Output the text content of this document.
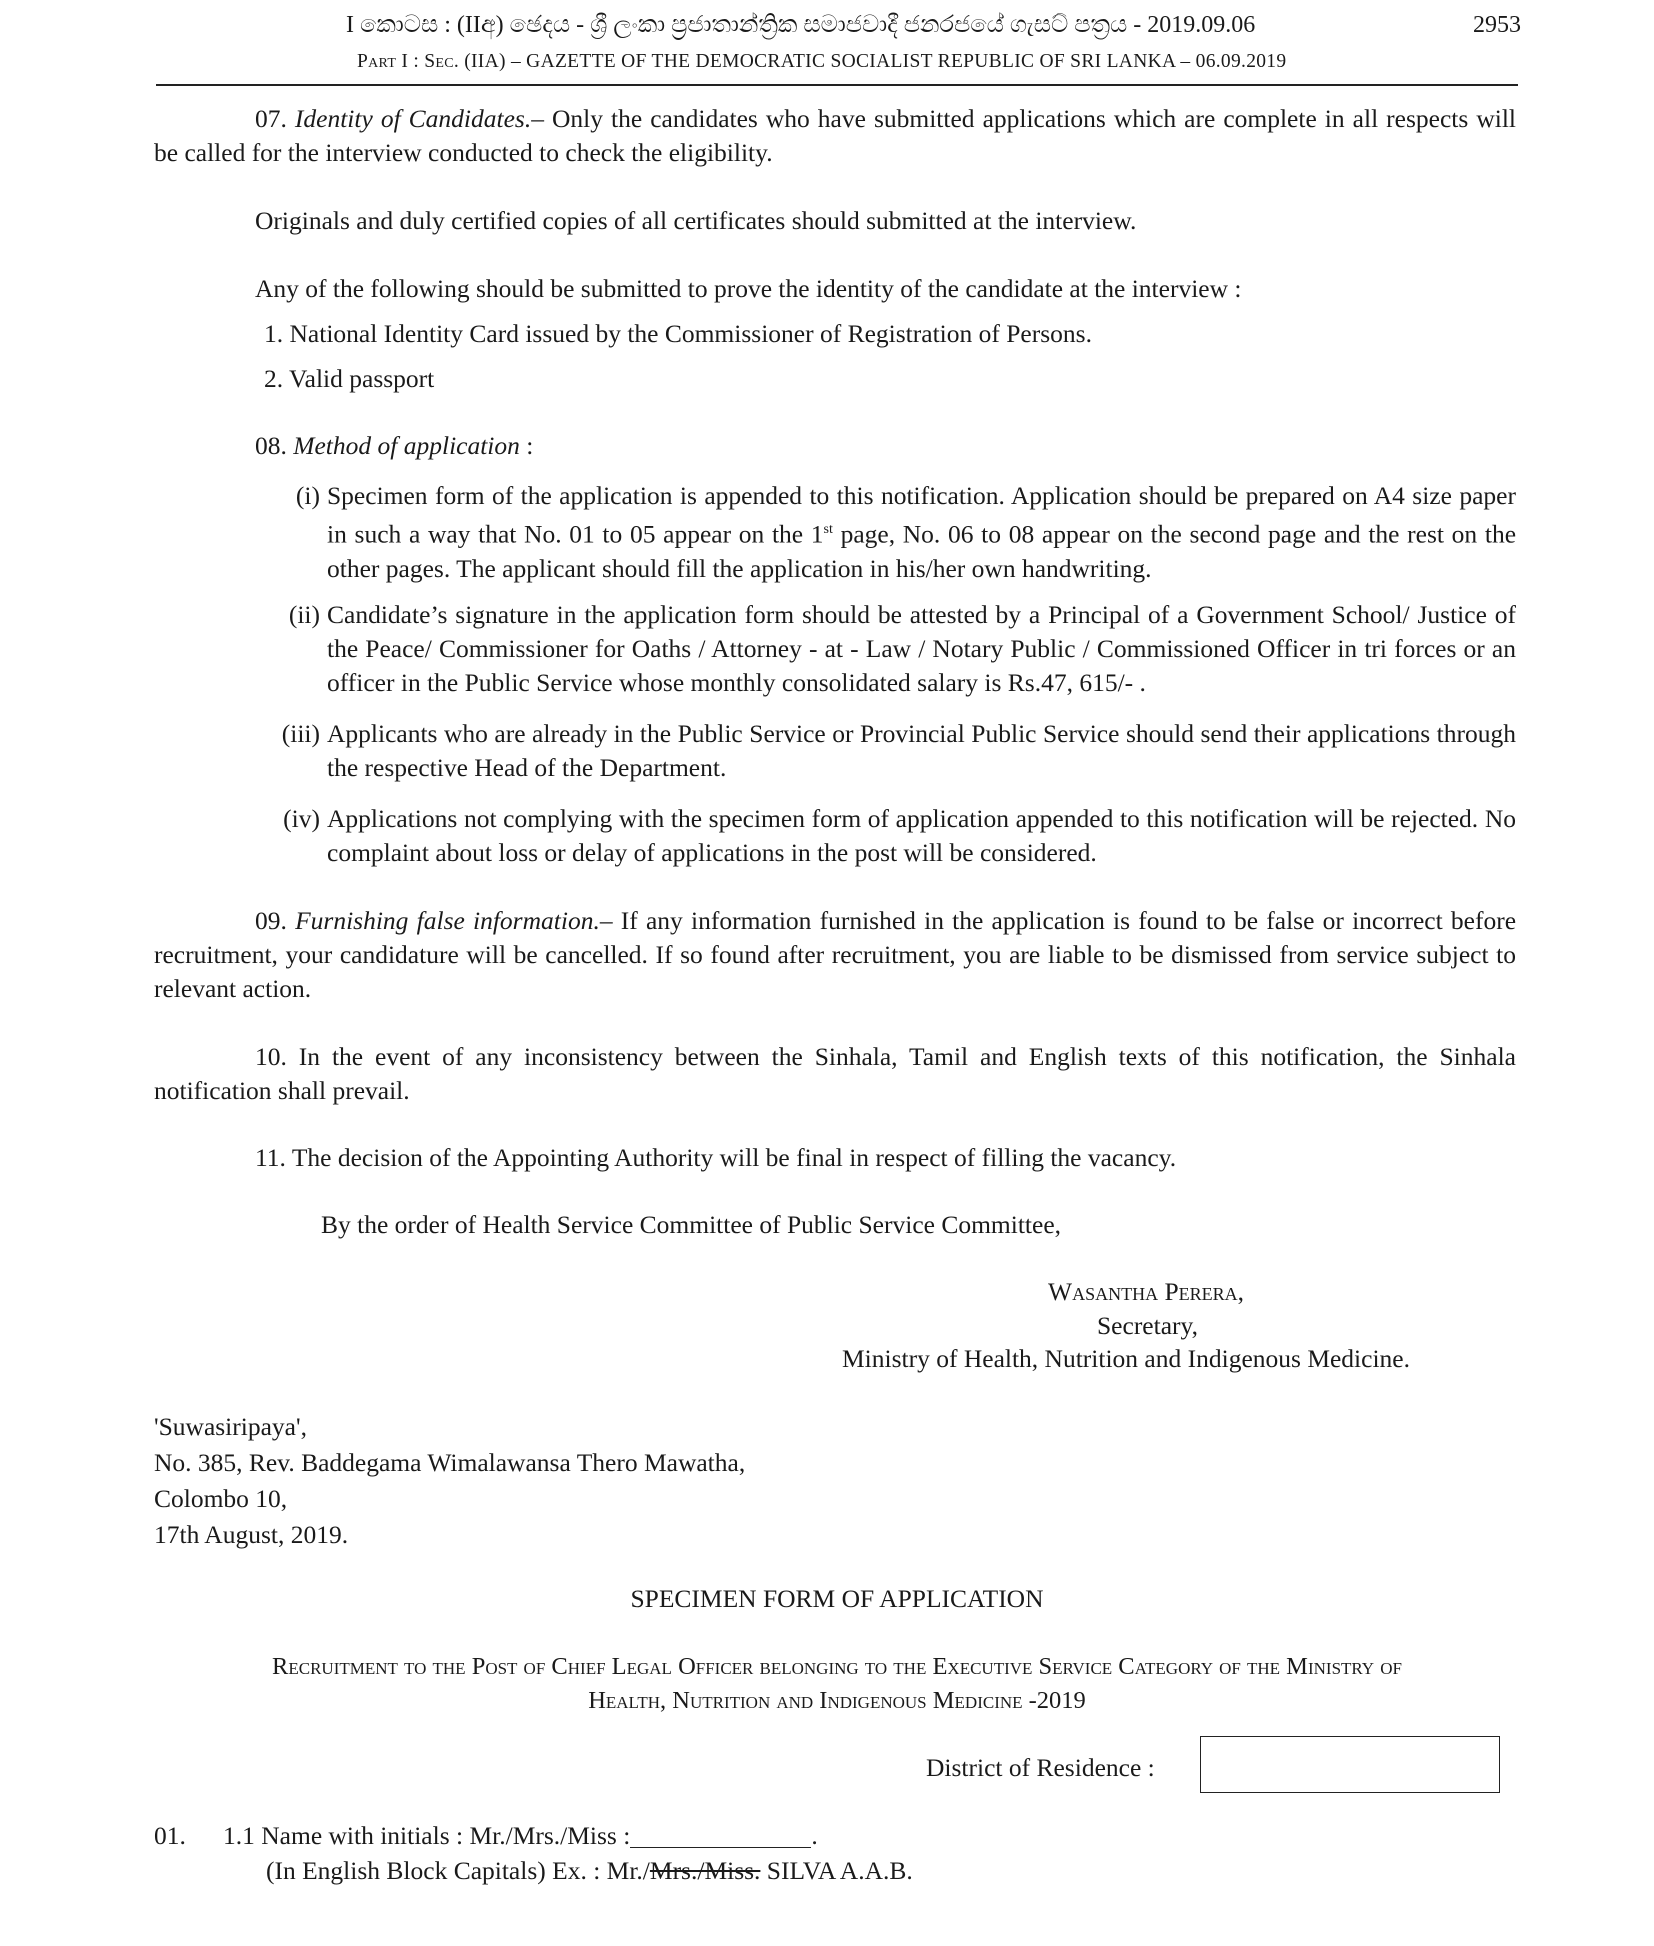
I කොටස : (IIඅ) ඡෙදය - ශ්‍රී ලංකා ප්‍රජාතාන්ත්‍රික සමාජවාදී ජනරජයේ ගැසට් පත්‍රය - 2019.09.06	2953
Part I : Sec. (IIA) – GAZETTE OF THE DEMOCRATIC SOCIALIST REPUBLIC OF SRI LANKA – 06.09.2019
07. Identity of Candidates.– Only the candidates who have submitted applications which are complete in all respects will be called for the interview conducted to check the eligibility.
Originals and duly certified copies of all certificates should submitted at the interview.
Any of the following should be submitted to prove the identity of the candidate at the interview :
1. National Identity Card issued by the Commissioner of Registration of Persons.
2. Valid passport
08. Method of application :
(i) Specimen form of the application is appended to this notification. Application should be prepared on A4 size paper in such a way that No. 01 to 05 appear on the 1st page, No. 06 to 08 appear on the second page and the rest on the other pages. The applicant should fill the application in his/her own handwriting.
(ii) Candidate’s signature in the application form should be attested by a Principal of a Government School/ Justice of the Peace/ Commissioner for Oaths / Attorney - at - Law / Notary Public / Commissioned Officer in tri forces or an officer in the Public Service whose monthly consolidated salary is Rs.47, 615/- .
(iii) Applicants who are already in the Public Service or Provincial Public Service should send their applications through the respective Head of the Department.
(iv) Applications not complying with the specimen form of application appended to this notification will be rejected. No complaint about loss or delay of applications in the post will be considered.
09. Furnishing false information.– If any information furnished in the application is found to be false or incorrect before recruitment, your candidature will be cancelled. If so found after recruitment, you are liable to be dismissed from service subject to relevant action.
10. In the event of any inconsistency between the Sinhala, Tamil and English texts of this notification, the Sinhala notification shall prevail.
11. The decision of the Appointing Authority will be final in respect of filling the vacancy.
By the order of Health Service Committee of Public Service Committee,
Wasantha Perera,
Secretary,
Ministry of Health, Nutrition and Indigenous Medicine.
'Suwasiripaya',
No. 385, Rev. Baddegama Wimalawansa Thero Mawatha,
Colombo 10,
17th August, 2019.
SPECIMEN FORM OF APPLICATION
Recruitment to the Post of Chief Legal Officer belonging to the Executive Service Category of the Ministry of
Health, Nutrition and Indigenous Medicine -2019
District of Residence :
01. 1.1 Name with initials : Mr./Mrs./Miss :	.
(In English Block Capitals) Ex. : Mr./Mrs./Miss. SILVA A.A.B.
